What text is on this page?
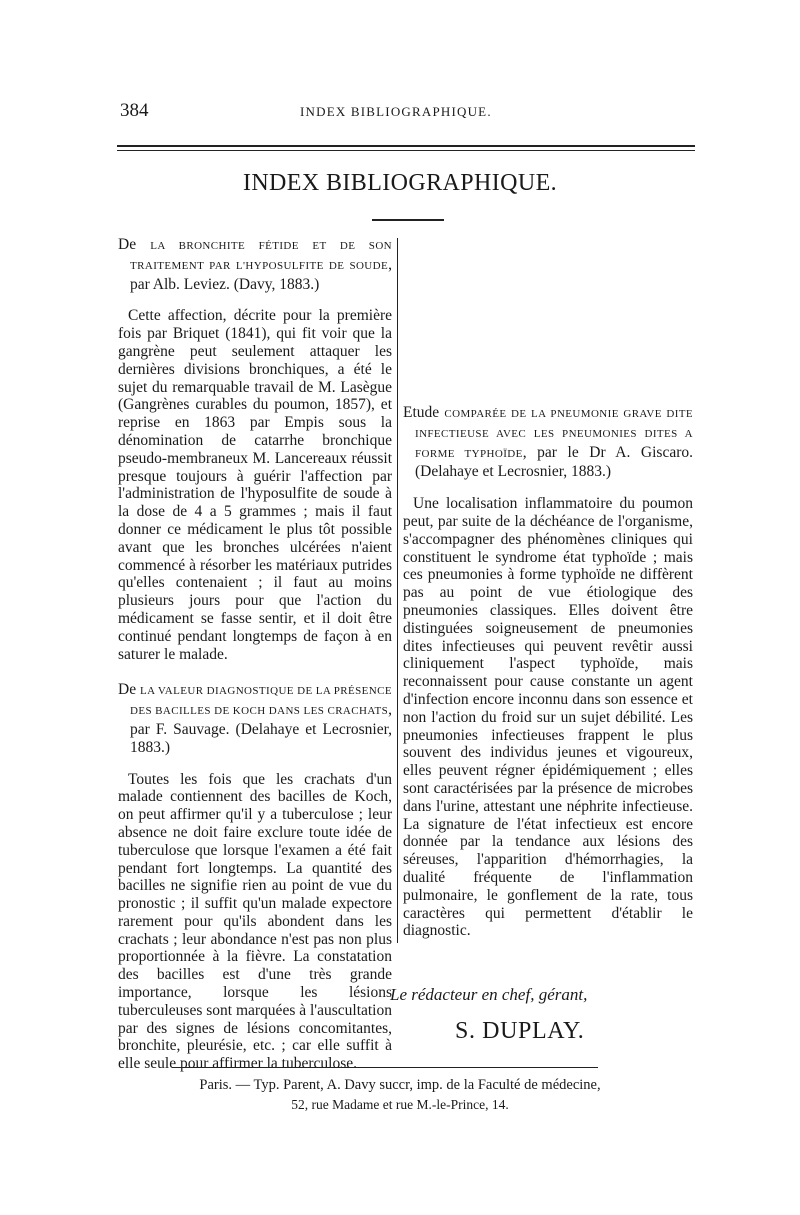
384	INDEX BIBLIOGRAPHIQUE.
INDEX BIBLIOGRAPHIQUE.

De LA BRONCHITE FÉTIDE ET DE SON TRAITEMENT PAR L'HYPOSULFITE DE SOUDE, par Alb. Leviez. (Davy, 1883.)

Cette affection, décrite pour la première fois par Briquet (1841), qui fit voir que la gangrène peut seulement attaquer les dernières divisions bronchiques, a été le sujet du remarquable travail de M. Lasègue (Gangrènes curables du poumon, 1857), et reprise en 1863 par Empis sous la dénomination de catarrhe bronchique pseudo-membraneux M. Lancereaux réussit presque toujours à guérir l'affection par l'administration de l'hyposulfite de soude à la dose de 4 a 5 grammes ; mais il faut donner ce médicament le plus tôt possible avant que les bronches ulcérées n'aient commencé à résorber les matériaux putrides qu'elles contenaient ; il faut au moins plusieurs jours pour que l'action du médicament se fasse sentir, et il doit être continué pendant longtemps de façon à en saturer le malade.

De LA VALEUR DIAGNOSTIQUE DE LA PRÉSENCE DES BACILLES DE KOCH DANS LES CRACHATS, par F. Sauvage. (Delahaye et Lecrosnier, 1883.)

Toutes les fois que les crachats d'un malade contiennent des bacilles de Koch, on peut affirmer qu'il y a tuberculose ; leur absence ne doit faire exclure toute idée de tuberculose que lorsque l'examen a été fait pendant fort longtemps. La quantité des bacilles ne signifie rien au point de vue du pronostic ; il suffit qu'un malade expectore rarement pour qu'ils abondent dans les crachats ; leur abondance n'est pas non plus proportionnée à la fièvre. La constatation des bacilles est d'une très grande importance, lorsque les lésions tuberculeuses sont marquées à l'auscultation par des signes de lésions concomitantes, bronchite, pleurésie, etc. ; car elle suffit à elle seule pour affirmer la tuberculose.

Etude COMPARÉE DE LA PNEUMONIE GRAVE DITE INFECTIEUSE AVEC LES PNEUMONIES DITES A FORME TYPHOÏDE, par le Dr A. Giscaro. (Delahaye et Lecrosnier, 1883.)

Une localisation inflammatoire du poumon peut, par suite de la déchéance de l'organisme, s'accompagner des phénomènes cliniques qui constituent le syndrome état typhoïde ; mais ces pneumonies à forme typhoïde ne diffèrent pas au point de vue étiologique des pneumonies classiques. Elles doivent être distinguées soigneusement de pneumonies dites infectieuses qui peuvent revêtir aussi cliniquement l'aspect typhoïde, mais reconnaissent pour cause constante un agent d'infection encore inconnu dans son essence et non l'action du froid sur un sujet débilité. Les pneumonies infectieuses frappent le plus souvent des individus jeunes et vigoureux, elles peuvent régner épidémiquement ; elles sont caractérisées par la présence de microbes dans l'urine, attestant une néphrite infectieuse. La signature de l'état infectieux est encore donnée par la tendance aux lésions des séreuses, l'apparition d'hémorrhagies, la dualité fréquente de l'inflammation pulmonaire, le gonflement de la rate, tous caractères qui permettent d'établir le diagnostic.

Le rédacteur en chef, gérant,
S. DUPLAY.
Paris. — Typ. Parent, A. Davy succr, imp. de la Faculté de médecine,
52, rue Madame et rue M.-le-Prince, 14.
